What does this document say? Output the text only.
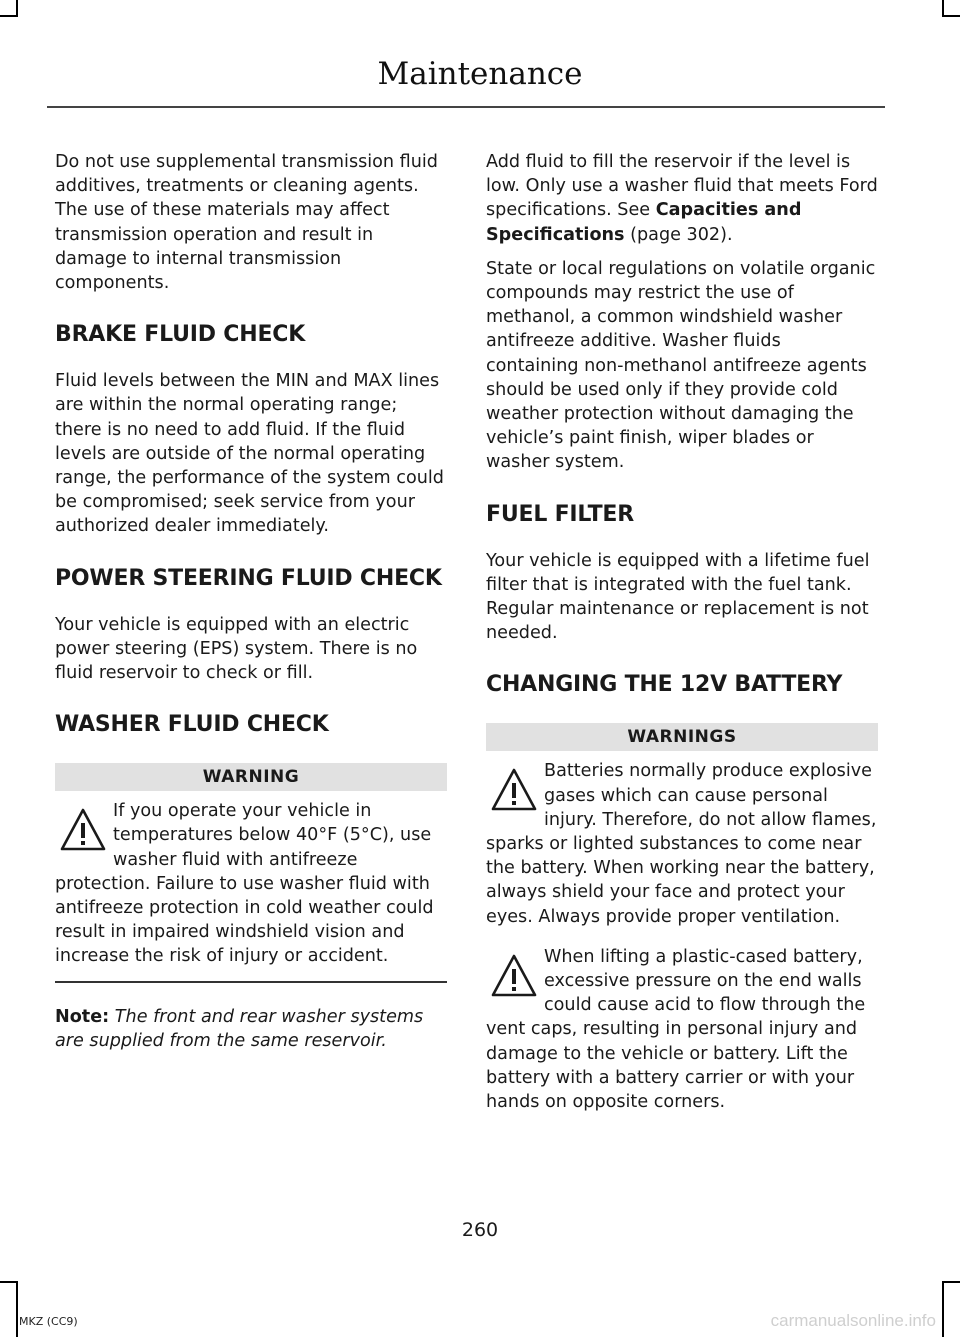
Maintenance

Do not use supplemental transmission fluid additives, treatments or cleaning agents. The use of these materials may affect transmission operation and result in damage to internal transmission components.

BRAKE FLUID CHECK

Fluid levels between the MIN and MAX lines are within the normal operating range; there is no need to add fluid. If the fluid levels are outside of the normal operating range, the performance of the system could be compromised; seek service from your authorized dealer immediately.

POWER STEERING FLUID CHECK

Your vehicle is equipped with an electric power steering (EPS) system. There is no fluid reservoir to check or fill.

WASHER FLUID CHECK
WARNING
If you operate your vehicle in temperatures below 40°F (5°C), use washer fluid with antifreeze protection. Failure to use washer fluid with antifreeze protection in cold weather could result in impaired windshield vision and increase the risk of injury or accident.

Note: The front and rear washer systems are supplied from the same reservoir.

Add fluid to fill the reservoir if the level is low. Only use a washer fluid that meets Ford specifications. See Capacities and Specifications (page 302).

State or local regulations on volatile organic compounds may restrict the use of methanol, a common windshield washer antifreeze additive. Washer fluids containing non-methanol antifreeze agents should be used only if they provide cold weather protection without damaging the vehicle’s paint finish, wiper blades or washer system.

FUEL FILTER

Your vehicle is equipped with a lifetime fuel filter that is integrated with the fuel tank. Regular maintenance or replacement is not needed.

CHANGING THE 12V BATTERY
WARNINGS
Batteries normally produce explosive gases which can cause personal injury. Therefore, do not allow flames, sparks or lighted substances to come near the battery. When working near the battery, always shield your face and protect your eyes. Always provide proper ventilation.
When lifting a plastic-cased battery, excessive pressure on the end walls could cause acid to flow through the vent caps, resulting in personal injury and damage to the vehicle or battery. Lift the battery with a battery carrier or with your hands on opposite corners.
260
MKZ (CC9)	carmanualsonline.info
